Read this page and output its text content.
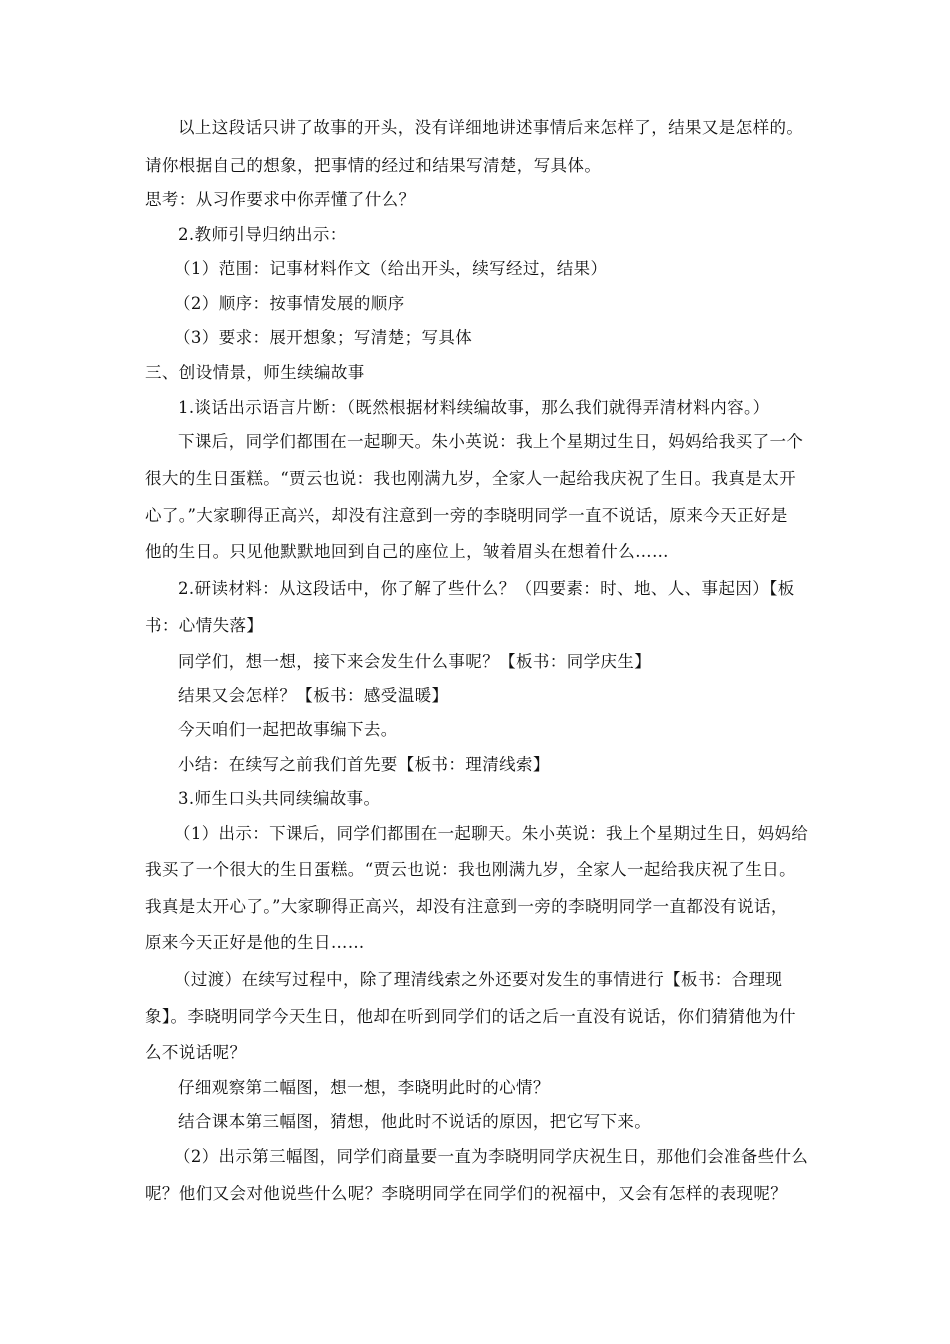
以上这段话只讲了故事的开头，没有详细地讲述事情后来怎样了，结果又是怎样的。

请你根据自己的想象，把事情的经过和结果写清楚，写具体。

思考：从习作要求中你弄懂了什么？

2.教师引导归纳出示：

（1）范围：记事材料作文（给出开头，续写经过，结果）

（2）顺序：按事情发展的顺序

（3）要求：展开想象；写清楚；写具体

三、创设情景，师生续编故事

1.谈话出示语言片断：（既然根据材料续编故事，那么我们就得弄清材料内容。）

下课后，同学们都围在一起聊天。朱小英说：我上个星期过生日，妈妈给我买了一个

很大的生日蛋糕。“贾云也说：我也刚满九岁，全家人一起给我庆祝了生日。我真是太开

心了。”大家聊得正高兴，却没有注意到一旁的李晓明同学一直不说话，原来今天正好是

他的生日。只见他默默地回到自己的座位上，皱着眉头在想着什么……

2.研读材料：从这段话中，你了解了些什么？（四要素：时、地、人、事起因）【板

书：心情失落】

同学们，想一想，接下来会发生什么事呢？【板书：同学庆生】

结果又会怎样？【板书：感受温暖】

今天咱们一起把故事编下去。

小结：在续写之前我们首先要【板书：理清线索】

3.师生口头共同续编故事。

（1）出示：下课后，同学们都围在一起聊天。朱小英说：我上个星期过生日，妈妈给

我买了一个很大的生日蛋糕。“贾云也说：我也刚满九岁，全家人一起给我庆祝了生日。

我真是太开心了。”大家聊得正高兴，却没有注意到一旁的李晓明同学一直都没有说话，

原来今天正好是他的生日……

（过渡）在续写过程中，除了理清线索之外还要对发生的事情进行【板书：合理现

象】。李晓明同学今天生日，他却在听到同学们的话之后一直没有说话，你们猜猜他为什

么不说话呢？

仔细观察第二幅图，想一想，李晓明此时的心情？

结合课本第三幅图，猜想，他此时不说话的原因，把它写下来。

（2）出示第三幅图，同学们商量要一直为李晓明同学庆祝生日，那他们会准备些什么

呢？他们又会对他说些什么呢？李晓明同学在同学们的祝福中，又会有怎样的表现呢？
